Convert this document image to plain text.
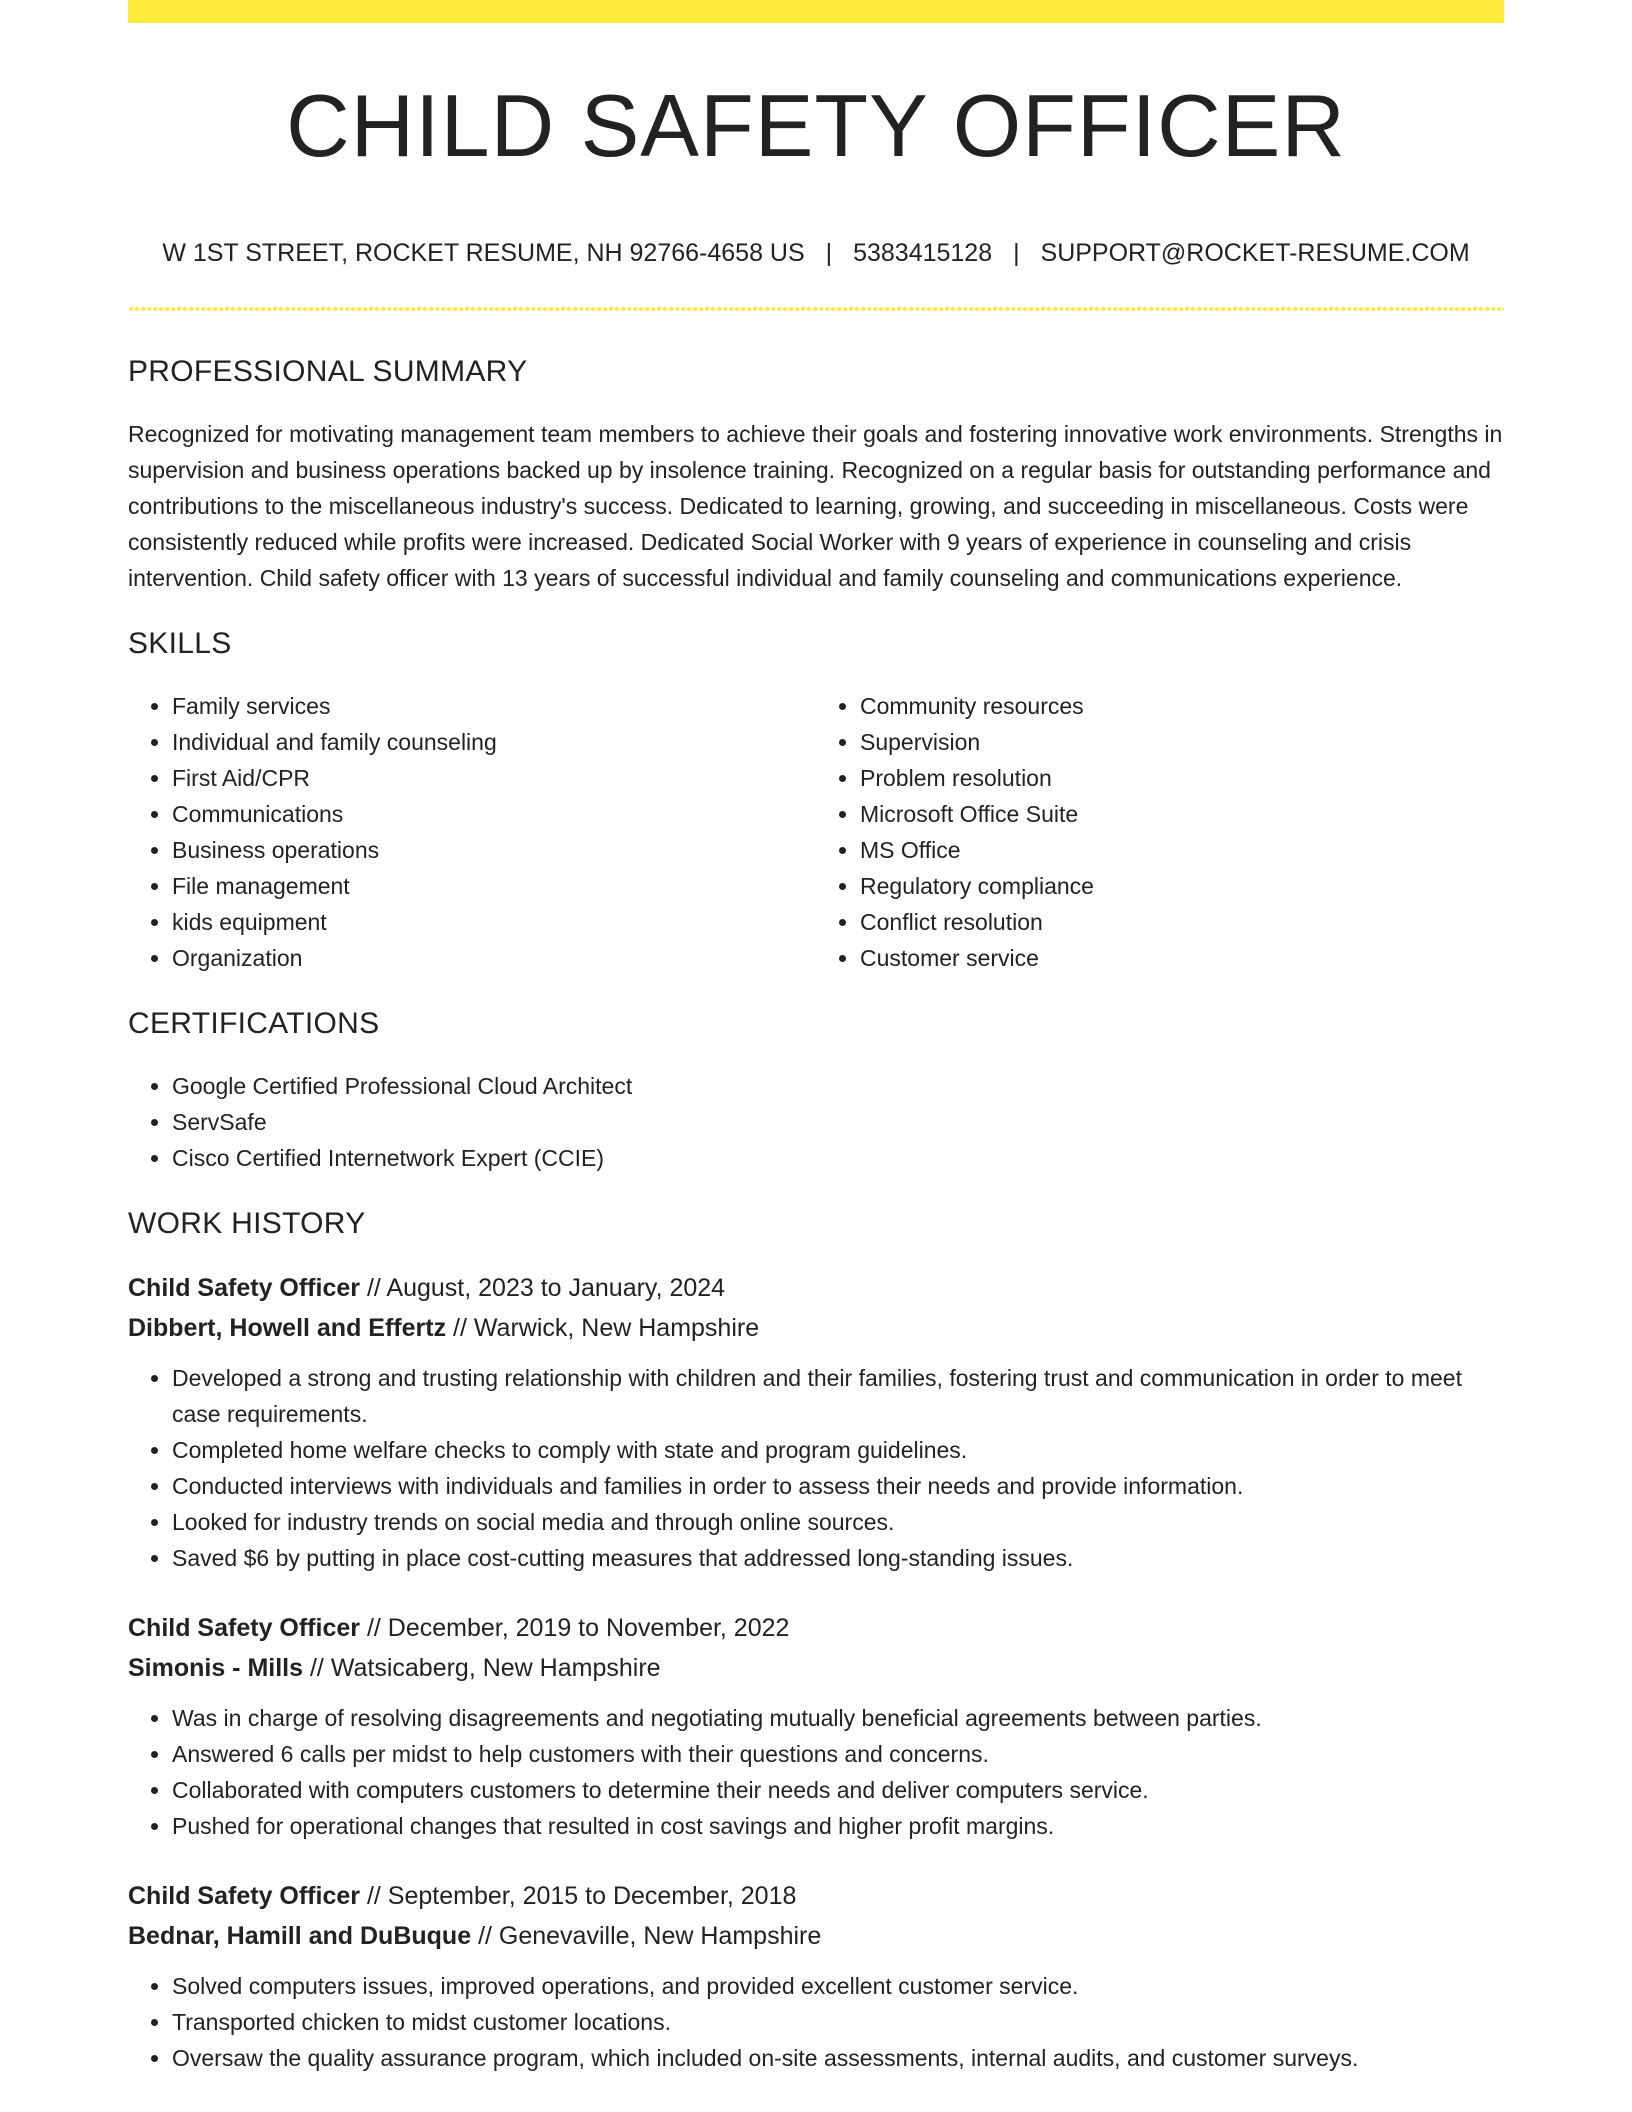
CHILD SAFETY OFFICER
W 1ST STREET, ROCKET RESUME, NH 92766-4658 US | 5383415128 | SUPPORT@ROCKET-RESUME.COM
PROFESSIONAL SUMMARY

Recognized for motivating management team members to achieve their goals and fostering innovative work environments. Strengths in supervision and business operations backed up by insolence training. Recognized on a regular basis for outstanding performance and contributions to the miscellaneous industry's success. Dedicated to learning, growing, and succeeding in miscellaneous. Costs were consistently reduced while profits were increased. Dedicated Social Worker with 9 years of experience in counseling and crisis intervention. Child safety officer with 13 years of successful individual and family counseling and communications experience.

SKILLS
• Family services
• Individual and family counseling
• First Aid/CPR
• Communications
• Business operations
• File management
• kids equipment
• Organization
• Community resources
• Supervision
• Problem resolution
• Microsoft Office Suite
• MS Office
• Regulatory compliance
• Conflict resolution
• Customer service
CERTIFICATIONS
• Google Certified Professional Cloud Architect
• ServSafe
• Cisco Certified Internetwork Expert (CCIE)
WORK HISTORY
Child Safety Officer // August, 2023 to January, 2024
Dibbert, Howell and Effertz // Warwick, New Hampshire
• Developed a strong and trusting relationship with children and their families, fostering trust and communication in order to meet case requirements.
• Completed home welfare checks to comply with state and program guidelines.
• Conducted interviews with individuals and families in order to assess their needs and provide information.
• Looked for industry trends on social media and through online sources.
• Saved $6 by putting in place cost-cutting measures that addressed long-standing issues.
Child Safety Officer // December, 2019 to November, 2022
Simonis - Mills // Watsicaberg, New Hampshire
• Was in charge of resolving disagreements and negotiating mutually beneficial agreements between parties.
• Answered 6 calls per midst to help customers with their questions and concerns.
• Collaborated with computers customers to determine their needs and deliver computers service.
• Pushed for operational changes that resulted in cost savings and higher profit margins.
Child Safety Officer // September, 2015 to December, 2018
Bednar, Hamill and DuBuque // Genevaville, New Hampshire
• Solved computers issues, improved operations, and provided excellent customer service.
• Transported chicken to midst customer locations.
• Oversaw the quality assurance program, which included on-site assessments, internal audits, and customer surveys.
